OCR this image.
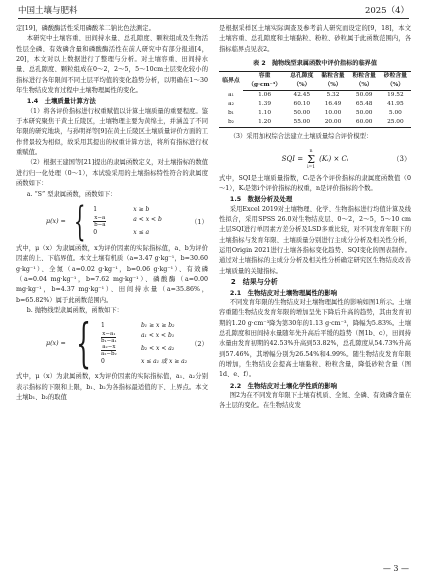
中国土壤与肥料	2025（4）

定[19]，磷酸酶活性采用磷酸苯二钠比色法测定。

本研究中土壤容重、田间持水量、总孔隙度、颗粒组成及生物活性层全磷、有效磷含量和磷酸酶活性在前人研究中有部分报道[4，20]，本文对以上数据进行了整理与分析。对土壤容重、田间持水量、总孔隙度、颗粒组成在0～2，2～5，5～10cm土层变化较小的指标进行各年限间不同土层平均值的变化趋势分析，以明确在1～30年生物结皮发育过程中土壤物理属性的变化。

1.4　土壤质量计算方法

（1）将各评价指标进行权重赋值以计算土壤质量的重要程度。鉴于本研究聚焦干黄土丘陵区，土壤物理主要为黄绵土，并涵盖了不同年限的研究地块，与孙明祥等[9]在黄土丘陵区土壤质量评价方面的工作背景较为相似，故采用其提出的权重计算方法，将所有指标进行权重赋值。

（2）根据王建国等[21]提出的隶属函数定义，对土壤指标的数值进行归一化处理（0～1），本试验采用的土壤指标特性符合的隶属度函数如下：

a. “S” 型隶属函数，函数如下：

μ(x) = { 1	x ≥ b
$\frac{x-a}{b-a}$	a < x < b
0	x ≤ a
（1）

式中，μ（x）为隶属函数，x为评价因素的实际指标值，a、b为评价因素的上、下临界值。本文土壤有机质（a=3.47 g·kg⁻¹，b=30.60 g·kg⁻¹）、全氮（a=0.02 g·kg⁻¹，b=0.06 g·kg⁻¹）、有效磷（a=0.04 mg·kg⁻¹，b=7.62 mg·kg⁻¹）、磷酸酶（a=0.00 mg·kg⁻¹，b=4.37 mg·kg⁻¹）、田间持水量（a=35.86%，b=65.82%）属于此函数范围内。

b. 抛物线型隶属函数，函数如下：

μ(x) = { 1	b₁ ≥ x ≥ b₂
$\frac{\text{x−a₁}}{\text{b₁−a₁}}$	a₁ < x < b₁
$\frac{\text{a₂−x}}{\text{a₂−b₂}}$	b₂ < x < a₂
0	x ≤ a₁ 或 x ≥ a₂
（2）

式中，μ（x）为隶属函数，x为评价因素的实际指标值，a₁、a₂分别表示指标的下限和上限，b₁、b₂为各指标最适值的下、上界点。本文土壤b₁、b₂的取值

是根据采样区土壤实际调查及参考前人研究而设定的[9，18]，本文土壤容重、总孔隙度和土壤黏粒、粉粒、砂粒属于此函数范围内，各指标临界点见表2。

表 2　抛物线型隶属函数中评价指标的临界值
临界点	容重	总孔隙度	黏粒含量	粉粒含量	砂粒含量
	（g·cm⁻³）	（%）	（%）	（%）	（%）
a₁	1.06	42.45	5.32	50.09	19.52
a₂	1.39	60.10	16.49	65.48	41.95
b₁	1.10	50.00	10.00	50.00	5.00
b₂	1.20	55.00	20.00	60.00	25.00

（3）采用加权综合法建立土壤质量综合评价模型：

SQI =
n
Σ
i=1
(Kᵢ) × Cᵢ	（3）

式中，SQI是土壤质量指数，Cᵢ是各个评价指标的隶属度函数值（0～1），Kᵢ是第i个评价指标的权重，n是评价指标的个数。

1.5　数据分析及处理

采用Excel 2019对土壤物理、化学、生物指标进行均值计算及线性拟合，采用SPSS 26.0对生物结皮层、0～2，2～5，5～10 cm土层SQI进行单因素方差分析及LSD多重比较，对不同发育年限下的土壤指标与发育年限、土壤质量分别进行主成分分析及相关性分析，运用Origin 2021进行土壤各指标变化趋势、SQI变化的图表制作。通过对土壤指标的主成分分析及相关性分析确定研究区生物结皮改善土壤质量的关键指标。

2　结果与分析

2.1　生物结皮对土壤物理属性的影响

不同发育年限的生物结皮对土壤物理属性的影响如图1所示。土壤容重随生物结皮发育年限的增加呈先下降后升高的趋势，其由发育初期的1.20 g·cm⁻³降为第30年的1.13 g·cm⁻³，降幅为5.83%。土壤总孔隙度和田间持水量随年先升高后平缓的趋势（图1b、c），田间持水量由发育初期的42.53%升高到53.82%，总孔隙度从54.73%升高到57.46%，其增幅分别为26.54%和4.99%。随生物结皮发育年限的增加，生物结皮会提高土壤黏粒、粉粒含量，降低砂粒含量（图1d、e、f）。

2.2　生物结皮对土壤化学性质的影响

图2为在不同发育年限下土壤有机质、全氮、全磷、有效磷含量在各土层的变化。在生物结皮发

— 3 —
